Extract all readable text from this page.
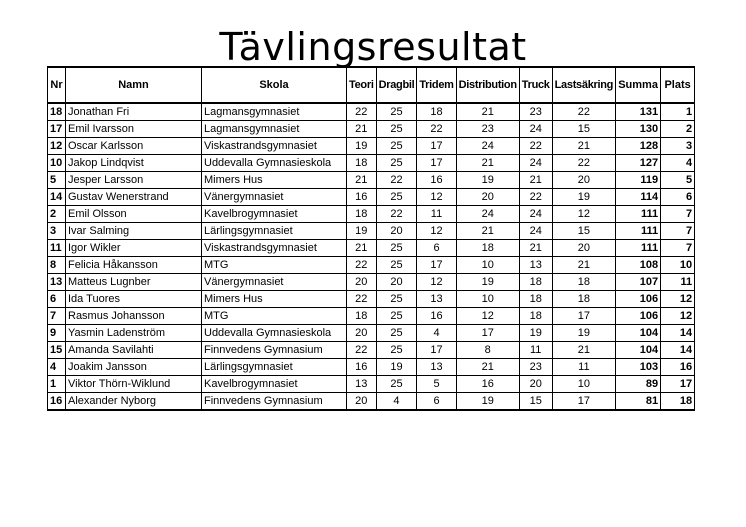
Tävlingsresultat
Nr	Namn	Skola	Teori	Dragbil	Tridem	Distribution	Truck	Lastsäkring	Summa	Plats
18	Jonathan Fri	Lagmansgymnasiet	22	25	18	21	23	22	131	1
17	Emil Ivarsson	Lagmansgymnasiet	21	25	22	23	24	15	130	2
12	Oscar Karlsson	Viskastrandsgymnasiet	19	25	17	24	22	21	128	3
10	Jakop Lindqvist	Uddevalla Gymnasieskola	18	25	17	21	24	22	127	4
5	Jesper Larsson	Mimers Hus	21	22	16	19	21	20	119	5
14	Gustav Wenerstrand	Vänergymnasiet	16	25	12	20	22	19	114	6
2	Emil Olsson	Kavelbrogymnasiet	18	22	11	24	24	12	111	7
3	Ivar Salming	Lärlingsgymnasiet	19	20	12	21	24	15	111	7
11	Igor Wikler	Viskastrandsgymnasiet	21	25	6	18	21	20	111	7
8	Felicia Håkansson	MTG	22	25	17	10	13	21	108	10
13	Matteus Lugnber	Vänergymnasiet	20	20	12	19	18	18	107	11
6	Ida Tuores	Mimers Hus	22	25	13	10	18	18	106	12
7	Rasmus Johansson	MTG	18	25	16	12	18	17	106	12
9	Yasmin Ladenström	Uddevalla Gymnasieskola	20	25	4	17	19	19	104	14
15	Amanda Savilahti	Finnvedens Gymnasium	22	25	17	8	11	21	104	14
4	Joakim Jansson	Lärlingsgymnasiet	16	19	13	21	23	11	103	16
1	Viktor Thörn-Wiklund	Kavelbrogymnasiet	13	25	5	16	20	10	89	17
16	Alexander Nyborg	Finnvedens Gymnasium	20	4	6	19	15	17	81	18
